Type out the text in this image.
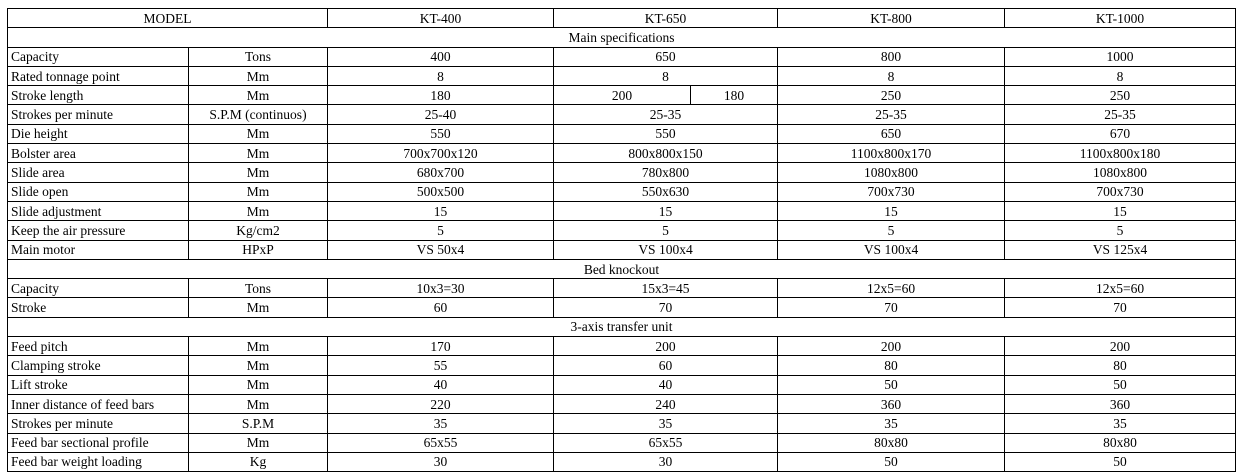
MODEL		KT-400	KT-650		KT-800	KT-1000
Main specifications						
Capacity	Tons	400	650		800	1000
Rated tonnage point	Mm	8	8		8	8
Stroke length	Mm	180	200	180	250	250
Strokes per minute	S.P.M (continuos)	25-40	25-35		25-35	25-35
Die height	Mm	550	550		650	670
Bolster area	Mm	700x700x120	800x800x150		1100x800x170	1100x800x180
Slide area	Mm	680x700	780x800		1080x800	1080x800
Slide open	Mm	500x500	550x630		700x730	700x730
Slide adjustment	Mm	15	15		15	15
Keep the air pressure	Kg/cm2	5	5		5	5
Main motor	HPxP	VS 50x4	VS 100x4		VS 100x4	VS 125x4
Bed knockout						
Capacity	Tons	10x3=30	15x3=45		12x5=60	12x5=60
Stroke	Mm	60	70		70	70
3-axis transfer unit						
Feed pitch	Mm	170	200		200	200
Clamping stroke	Mm	55	60		80	80
Lift stroke	Mm	40	40		50	50
Inner distance of feed bars	Mm	220	240		360	360
Strokes per minute	S.P.M	35	35		35	35
Feed bar sectional profile	Mm	65x55	65x55		80x80	80x80
Feed bar weight loading	Kg	30	30		50	50
